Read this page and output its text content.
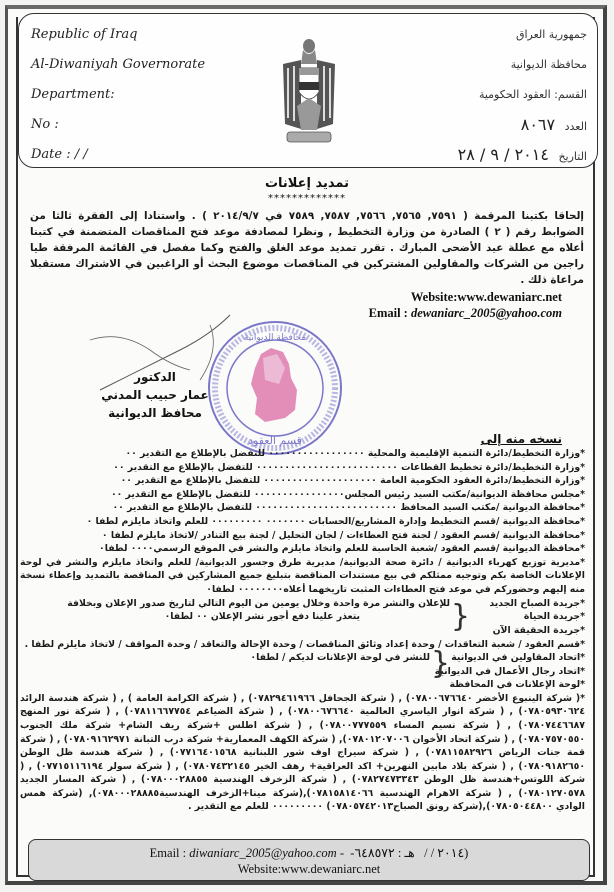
Republic of Iraq
Al-Diwaniyah Governorate
Department:
No :
Date : / /
جمهورية العراق
محافظة الديوانية
القسم: العقود الحكومية
العدد ٨٠٦٧
التاريخ ٢٠١٤ / ٩ / ٢٨
تمديد إعلانات
*************
إلحاقا بكتبنا المرقمة ( ٧٥٩١, ٧٥٦٥, ٧٥٦٦, ٧٥٨٧, ٧٥٨٩ في ٢٠١٤/٩/٧ ) . واستنادا إلى الفقرة ثالثا من الضوابط رقم ( ٢ ) الصادرة من وزارة التخطيط , ونظرا لمصادفة موعد فتح المناقصات المتضمنة في كتبنا أعلاه مع عطلة عيد الأضحى المبارك . تقرر تمديد موعد الغلق والفتح وكما مفصل في القائمة المرفقة طيا راجين من الشركات والمقاولين المشتركين في المناقصات موضوع البحث أو الراغبين في الاشتراك مستقبلا مراعاة ذلك .
Website:www.dewaniarc.net
Email : dewaniarc_2005@yahoo.com
قسم العقود
محافظة الديوانية
الدكتور
عمار حبيب المدني
محافظ الديوانية
نسخه منه إلى
*وزارة التخطيط/دائرة التنمية الإقليمية والمحلية ٠٠٠٠٠٠٠٠٠٠٠٠٠٠٠٠٠ للتفضل بالإطلاع مع التقدير ٠٠
*وزارة التخطيط/دائرة تخطيط القطاعات ٠٠٠٠٠٠٠٠٠٠٠٠٠٠٠٠٠٠٠٠٠٠٠٠٠ للتفضل بالإطلاع مع التقدير ٠٠
*وزارة التخطيط/دائرة العقود الحكومية العامة ٠٠٠٠٠٠٠٠٠٠٠٠٠٠٠٠٠٠٠٠ للتفضل بالإطلاع مع التقدير ٠٠
*مجلس محافظة الديوانية/مكتب السيد رئيس المجلس٠٠٠٠٠٠٠٠٠٠٠٠٠٠٠٠ للتفضل بالإطلاع مع التقدير ٠٠
*محافظة الديوانية /مكتب السيد المحافظ ٠٠٠٠٠٠٠٠٠٠٠٠٠٠٠٠٠٠٠٠٠٠٠٠٠ للتفضل بالإطلاع مع التقدير ٠٠
*محافظة الديوانية /قسم التخطيط وإدارة المشاريع/الحسابات ٠٠٠٠٠٠٠ ٠٠٠٠٠٠٠٠٠ للعلم واتخاذ مايلزم لطفا ٠
*محافظة الديوانية /قسم العقود / لجنة فتح العطاءات / لجان التحليل / لجنة بيع التنادر /لاتخاذ مايلزم لطفا ٠
*محافظة الديوانية /قسم العقود /شعبة الحاسبة للعلم واتخاذ مايلزم والنشر في الموقع الرسمي٠٠٠٠ لطفا٠
*مديرية توزيع كهرباء الديوانية / دائرة صحة الديوانية/ مديرية طرق وجسور الديوانية/ للعلم واتخاذ مايلزم والنشر في لوحة الإعلانات الخاصة بكم وتوجيه ممثلكم في بيع مستندات المناقصة بتبليغ جميع المشاركين في المناقصة بالتمديد وإعطاء نسخة منه إليهم وحضوركم في موعد فتح العطاءات المثبت تاريخهما أعلاه٠٠٠٠٠٠٠٠ لطفا٠
*جريدة الصباح الجديد
*جريدة الحياة
*جريدة الحقيقة الآن
{
للإعلان والنشر مرة واحدة وخلال يومين من اليوم التالي لتاريخ صدور الإعلان وبخلافة
يتعذر علينا دفع أجور نشر الإعلان ٠٠ لطفا٠
*قسم العقود / شعبة التعاقدات / وحدة إعداد وثائق المناقصات / وحدة الإحالة والتعاقد / وحدة المواقف / لاتخاذ مايلزم لطفا .
*اتحاد المقاولين في الديوانية
*اتحاد رجال الأعمال في الديوانية
{
للنشر في لوحة الإعلانات لديكم / لطفا٠
*لوحة الإعلانات في المحافظة
*( شركة الينبوع الأخضر ٠٧٨٠٠٦٧٦٦٤٠) , ( شركة الجحافل ٠٧٨٢٩٤٦١٩٦٦) , ( شركة الكرامة العامة ) , ( شركة هندسة الرائد ٠٧٨٠٥٩٣٠٦٢٤) , ( شركة انوار الياسري العالمية ٠٧٨٠٠٦٧٦٦٤٠) , ( شركة الضياغم ٠٧٨١١٦٦٧٧٥٤) , ( شركة نور المنهج ٠٧٨٠٧٤٤٦٦٨٧) , ( شركة نسيم المساء ٠٧٨٠٠٧٧٧٥٥٩) , ( شركة اطلس +شركة ريف الشام+ شركة ملك الجنوب ٠٧٨٠٧٥٧٠٥٥٠) , ( شركة اتحاد الأخوان ٠٧٨٠١٢٠٧٠٠٦), ( شركة الكهف المعمارية+ شركة درب التبانة ٠٧٨٠٩١٦٢٩٧١) , ( شركة قمة جنات الرياض ٠٧٨١١٥٨٢٩٢٦) , ( شركة سيراج اوف شور اللبنانية ٠٧٧١٦٤٠١٥٦٨) , ( شركة هندسة ظل الوطن ٠٧٨٠٩١٨٢٦٥٠) , ( شركة بلاد مابين النهرين+ اكد العراقية+ رهف الخير ٠٧٨٠٧٤٣٢١٤٥) , ( شركة سولر ٠٧٧١٥١١٦١٩٤) , ( شركة اللوتس+هندسة ظل الوطن ٠٧٨٢٧٤٧٣٣٤٣) , ( شركة الزخرف الهندسية ٠٧٨٠٠٠٢٨٨٥٥) , ( شركة المسار الجديد ٠٧٨٠١٢٧٠٥٧٨) , ( شركة الاهرام الهندسية ٠٧٨١٥٨١٤٠٦٦),(شركة مينا+الزخرف الهندسية٠٧٨٠٠٠٢٨٨٨٥), (شركة همس الوادي ٠٧٨٠٥٠٤٤٨٠٠),(شركة رونق الصباح٠٧٨٠٥٧٤٢٠١٣) ٠٠٠٠٠٠٠٠٠ للعلم مع التقدير .
Email : diwaniarc_2005@yahoo.com -	(٢٠١٤ / /   هـ : ٦٤٨٥٧٢-
Website:www.dewaniarc.net
